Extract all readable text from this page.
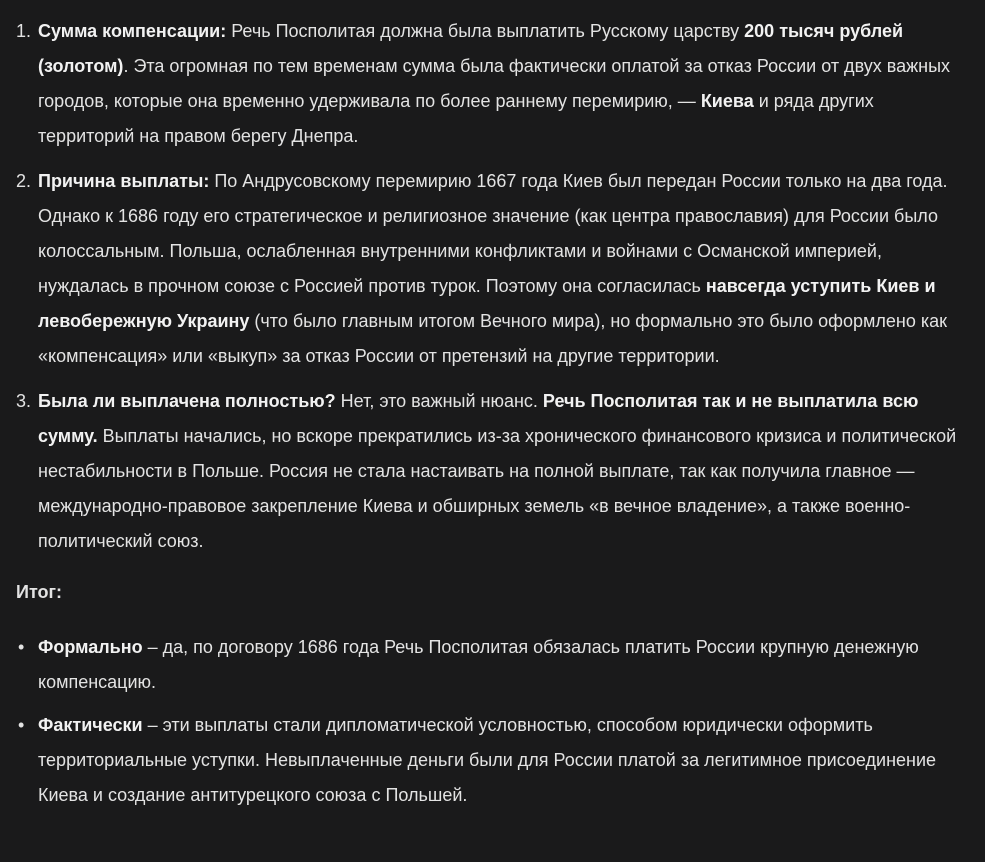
1. Сумма компенсации: Речь Посполитая должна была выплатить Русскому царству 200 тысяч рублей (золотом). Эта огромная по тем временам сумма была фактически оплатой за отказ России от двух важных городов, которые она временно удерживала по более раннему перемирию, — Киева и ряда других территорий на правом берегу Днепра.
2. Причина выплаты: По Андрусовскому перемирию 1667 года Киев был передан России только на два года. Однако к 1686 году его стратегическое и религиозное значение (как центра православия) для России было колоссальным. Польша, ослабленная внутренними конфликтами и войнами с Османской империей, нуждалась в прочном союзе с Россией против турок. Поэтому она согласилась навсегда уступить Киев и левобережную Украину (что было главным итогом Вечного мира), но формально это было оформлено как «компенсация» или «выкуп» за отказ России от претензий на другие территории.
3. Была ли выплачена полностью? Нет, это важный нюанс. Речь Посполитая так и не выплатила всю сумму. Выплаты начались, но вскоре прекратились из-за хронического финансового кризиса и политической нестабильности в Польше. Россия не стала настаивать на полной выплате, так как получила главное — международно-правовое закрепление Киева и обширных земель «в вечное владение», а также военно-политический союз.
Итог:
• Формально – да, по договору 1686 года Речь Посполитая обязалась платить России крупную денежную компенсацию.
• Фактически – эти выплаты стали дипломатической условностью, способом юридически оформить территориальные уступки. Невыплаченные деньги были для России платой за легитимное присоединение Киева и создание антитурецкого союза с Польшей.
